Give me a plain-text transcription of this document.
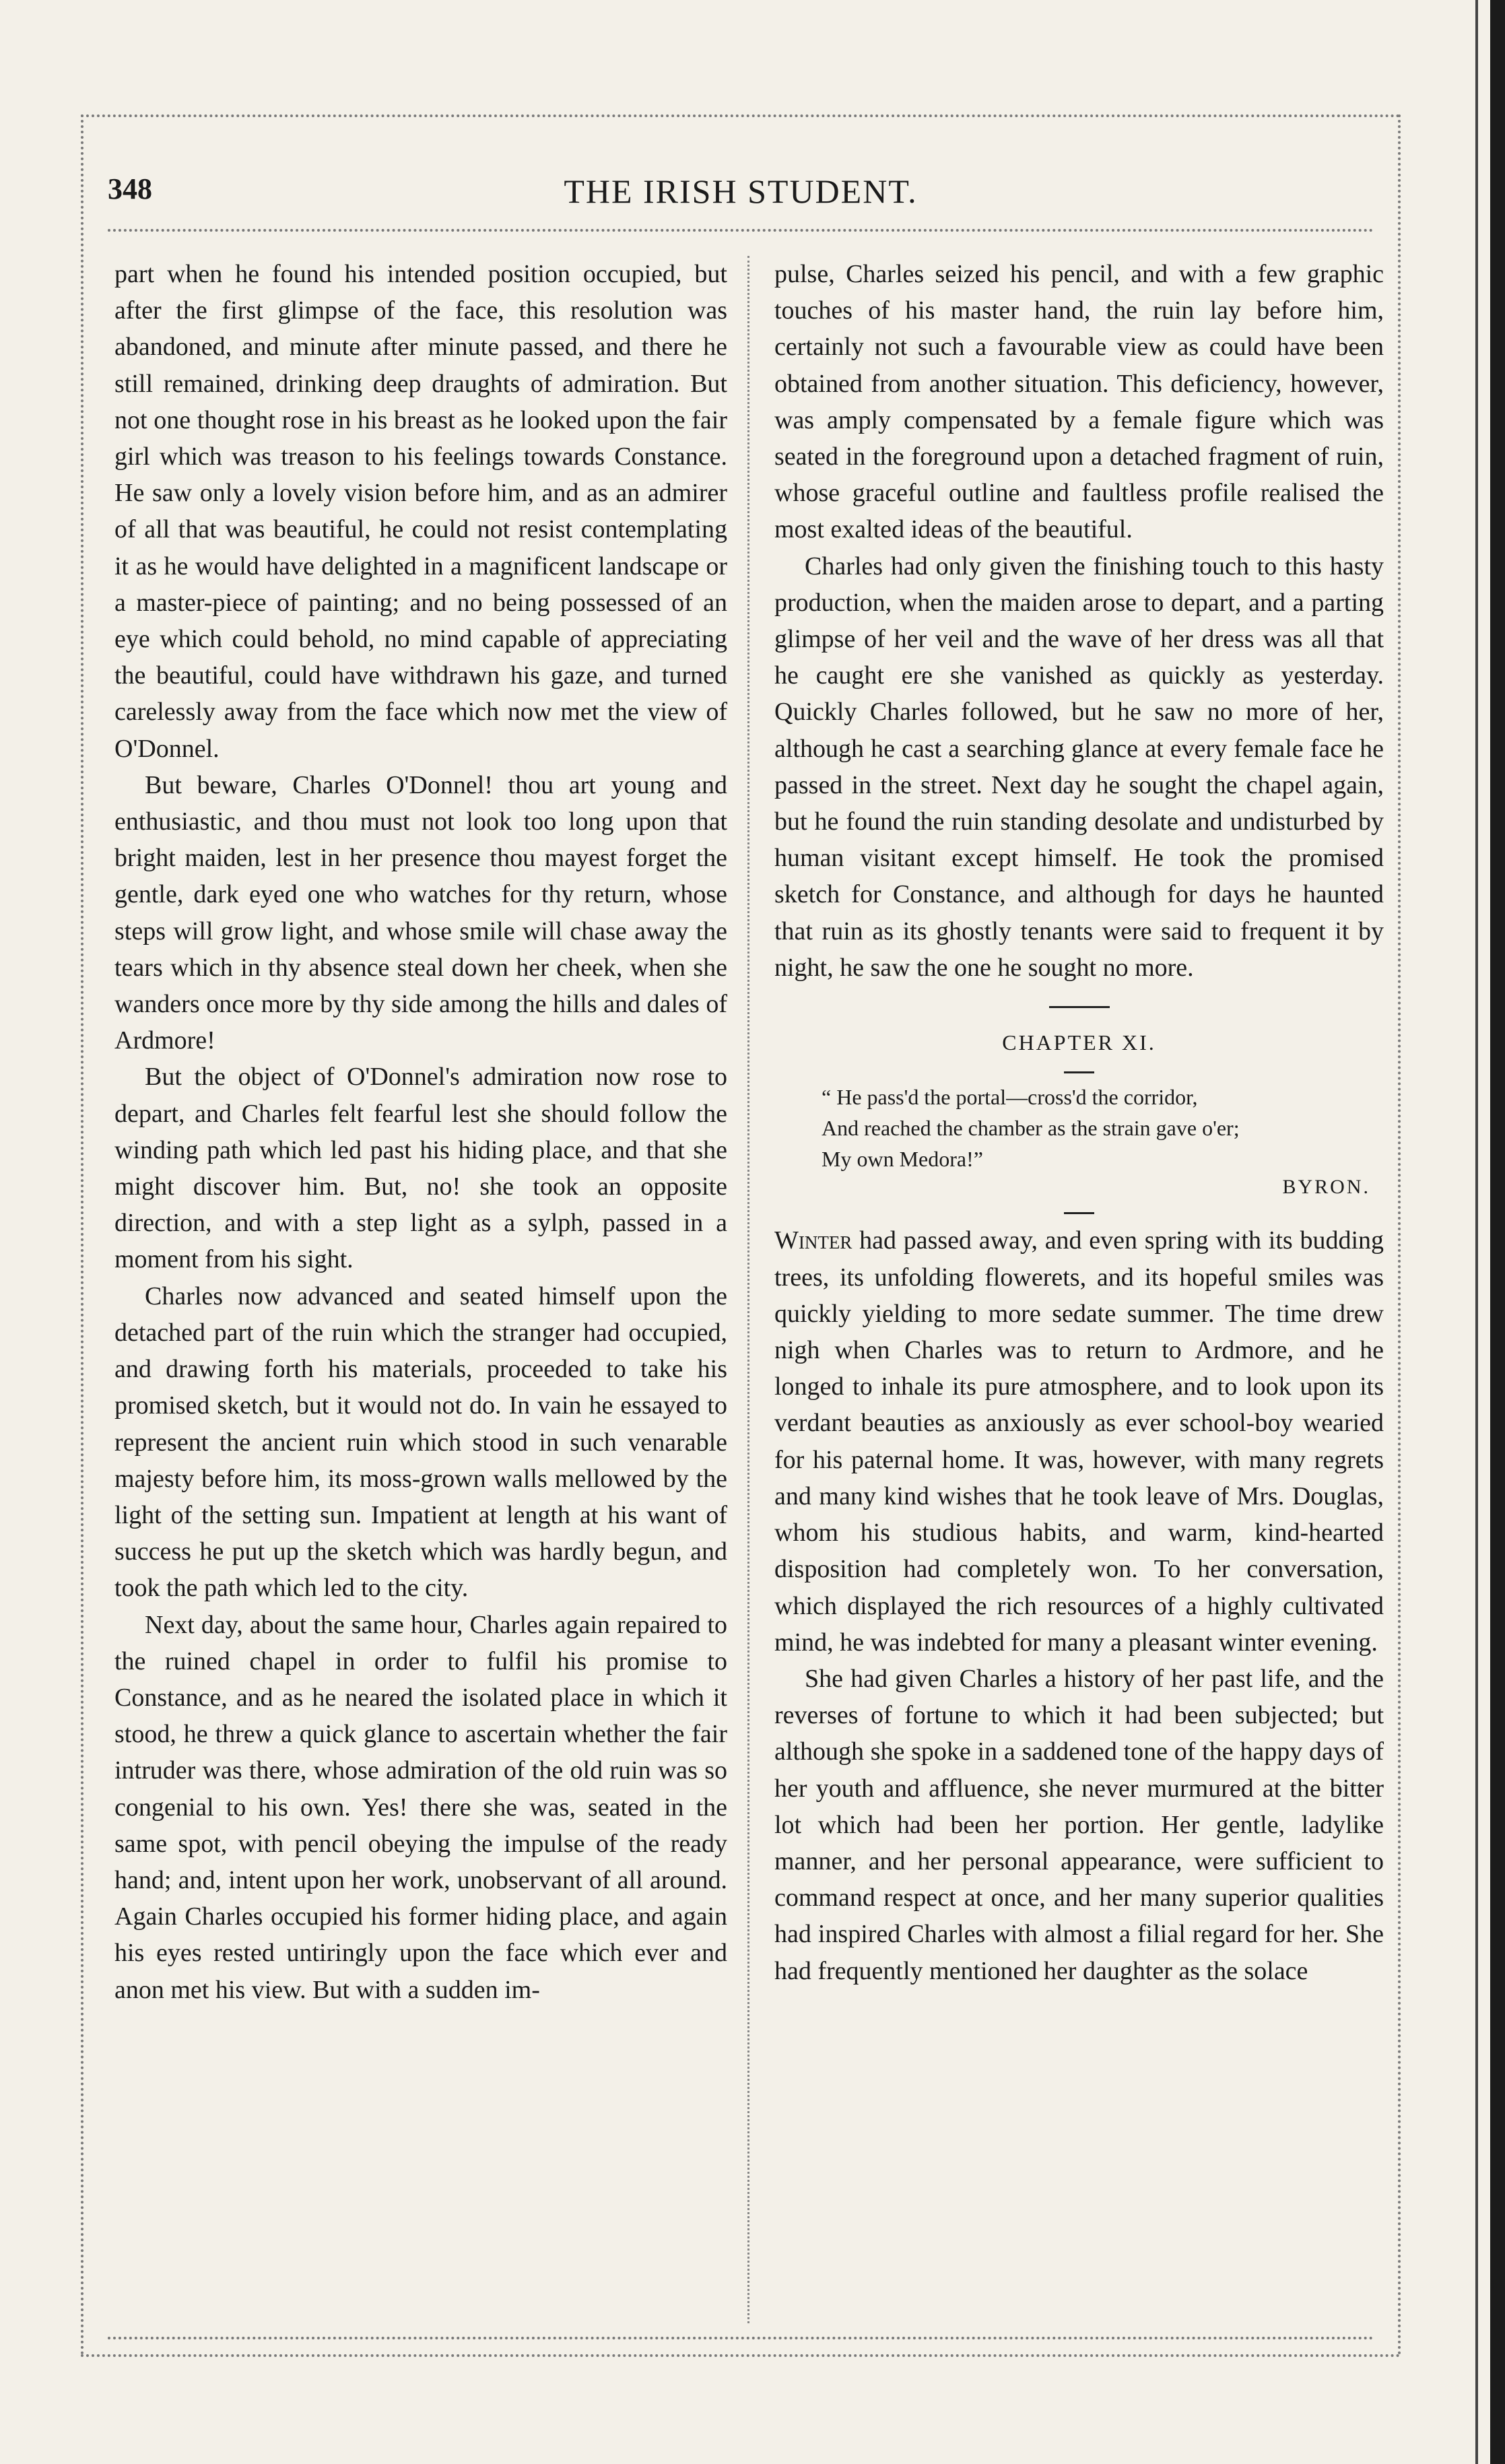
348	THE IRISH STUDENT.

part when he found his intended position occupied, but after the first glimpse of the face, this resolution was abandoned, and minute after minute passed, and there he still remained, drinking deep draughts of admiration. But not one thought rose in his breast as he looked upon the fair girl which was treason to his feelings towards Constance. He saw only a lovely vision before him, and as an admirer of all that was beautiful, he could not resist contemplating it as he would have delighted in a magnificent landscape or a master-piece of painting; and no being possessed of an eye which could behold, no mind capable of appreciating the beautiful, could have withdrawn his gaze, and turned carelessly away from the face which now met the view of O'Donnel.

But beware, Charles O'Donnel! thou art young and enthusiastic, and thou must not look too long upon that bright maiden, lest in her presence thou mayest forget the gentle, dark eyed one who watches for thy return, whose steps will grow light, and whose smile will chase away the tears which in thy absence steal down her cheek, when she wanders once more by thy side among the hills and dales of Ardmore!

But the object of O'Donnel's admiration now rose to depart, and Charles felt fearful lest she should follow the winding path which led past his hiding place, and that she might discover him. But, no! she took an opposite direction, and with a step light as a sylph, passed in a moment from his sight.

Charles now advanced and seated himself upon the detached part of the ruin which the stranger had occupied, and drawing forth his materials, proceeded to take his promised sketch, but it would not do. In vain he essayed to represent the ancient ruin which stood in such venarable majesty before him, its moss-grown walls mellowed by the light of the setting sun. Impatient at length at his want of success he put up the sketch which was hardly begun, and took the path which led to the city.

Next day, about the same hour, Charles again repaired to the ruined chapel in order to fulfil his promise to Constance, and as he neared the isolated place in which it stood, he threw a quick glance to ascertain whether the fair intruder was there, whose admiration of the old ruin was so congenial to his own. Yes! there she was, seated in the same spot, with pencil obeying the impulse of the ready hand; and, intent upon her work, unobservant of all around. Again Charles occupied his former hiding place, and again his eyes rested untiringly upon the face which ever and anon met his view. But with a sudden im-

pulse, Charles seized his pencil, and with a few graphic touches of his master hand, the ruin lay before him, certainly not such a favourable view as could have been obtained from another situation. This deficiency, however, was amply compensated by a female figure which was seated in the foreground upon a detached fragment of ruin, whose graceful outline and faultless profile realised the most exalted ideas of the beautiful.

Charles had only given the finishing touch to this hasty production, when the maiden arose to depart, and a parting glimpse of her veil and the wave of her dress was all that he caught ere she vanished as quickly as yesterday. Quickly Charles followed, but he saw no more of her, although he cast a searching glance at every female face he passed in the street. Next day he sought the chapel again, but he found the ruin standing desolate and undisturbed by human visitant except himself. He took the promised sketch for Constance, and although for days he haunted that ruin as its ghostly tenants were said to frequent it by night, he saw the one he sought no more.

CHAPTER XI.
“ He pass'd the portal—cross'd the corridor,
And reached the chamber as the strain gave o'er;
My own Medora!”
BYRON.

Winter had passed away, and even spring with its budding trees, its unfolding flowerets, and its hopeful smiles was quickly yielding to more sedate summer. The time drew nigh when Charles was to return to Ardmore, and he longed to inhale its pure atmosphere, and to look upon its verdant beauties as anxiously as ever school-boy wearied for his paternal home. It was, however, with many regrets and many kind wishes that he took leave of Mrs. Douglas, whom his studious habits, and warm, kind-hearted disposition had completely won. To her conversation, which displayed the rich resources of a highly cultivated mind, he was indebted for many a pleasant winter evening.

She had given Charles a history of her past life, and the reverses of fortune to which it had been subjected; but although she spoke in a saddened tone of the happy days of her youth and affluence, she never murmured at the bitter lot which had been her portion. Her gentle, ladylike manner, and her personal appearance, were sufficient to command respect at once, and her many superior qualities had inspired Charles with almost a filial regard for her. She had frequently mentioned her daughter as the solace
